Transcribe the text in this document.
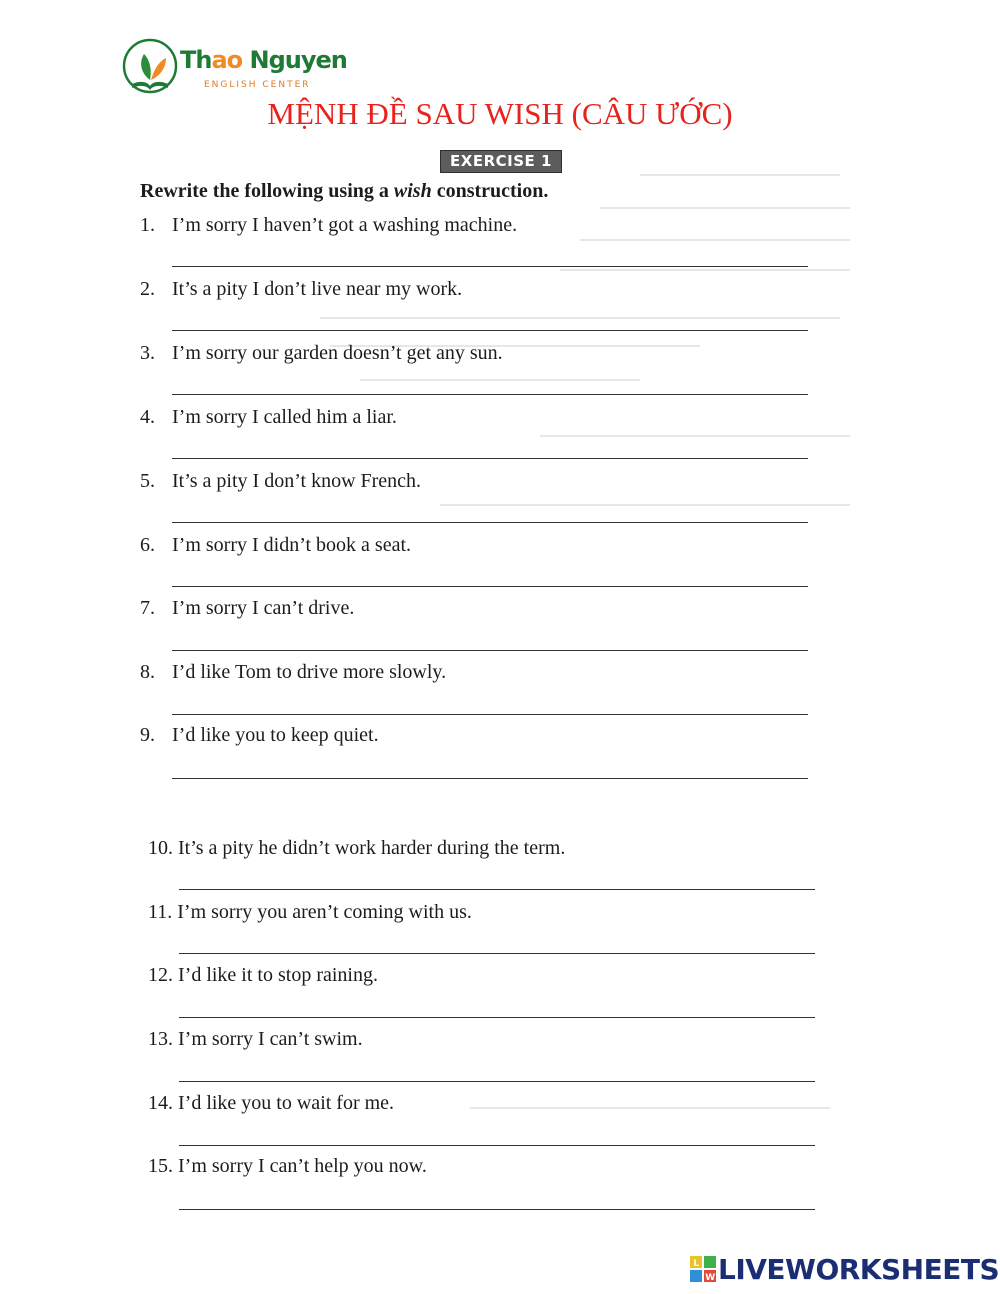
Thao Nguyen
ENGLISH CENTER
MỆNH ĐỀ SAU WISH (CÂU ƯỚC)
EXERCISE 1
Rewrite the following using a wish construction.
1. I’m sorry I haven’t got a washing machine.
2. It’s a pity I don’t live near my work.
3. I’m sorry our garden doesn’t get any sun.
4. I’m sorry I called him a liar.
5. It’s a pity I don’t know French.
6. I’m sorry I didn’t book a seat.
7. I’m sorry I can’t drive.
8. I’d like Tom to drive more slowly.
9. I’d like you to keep quiet.
10. It’s a pity he didn’t work harder during the term.
11. I’m sorry you aren’t coming with us.
12. I’d like it to stop raining.
13. I’m sorry I can’t swim.
14. I’d like you to wait for me.
15. I’m sorry I can’t help you now.
L
W LIVEWORKSHEETS
